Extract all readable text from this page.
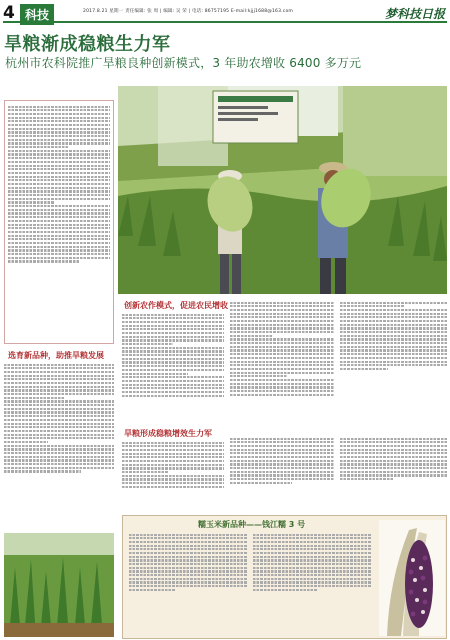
4 科技	2017.8.21 星期一 责任编辑: 张 周 | 编辑: 吴 荣 | 电话: 86757195 E-mail:kjjj1688@163.com	梦科技日报
旱粮渐成稳粮生力军
杭州市农科院推广旱粮良种创新模式，3 年助农增收 6400 多万元

创新农作模式，促进农民增收

选育新品种，助推旱粮发展

旱粮形成稳粮增效生力军

糯玉米新品种——钱江糯 3 号
